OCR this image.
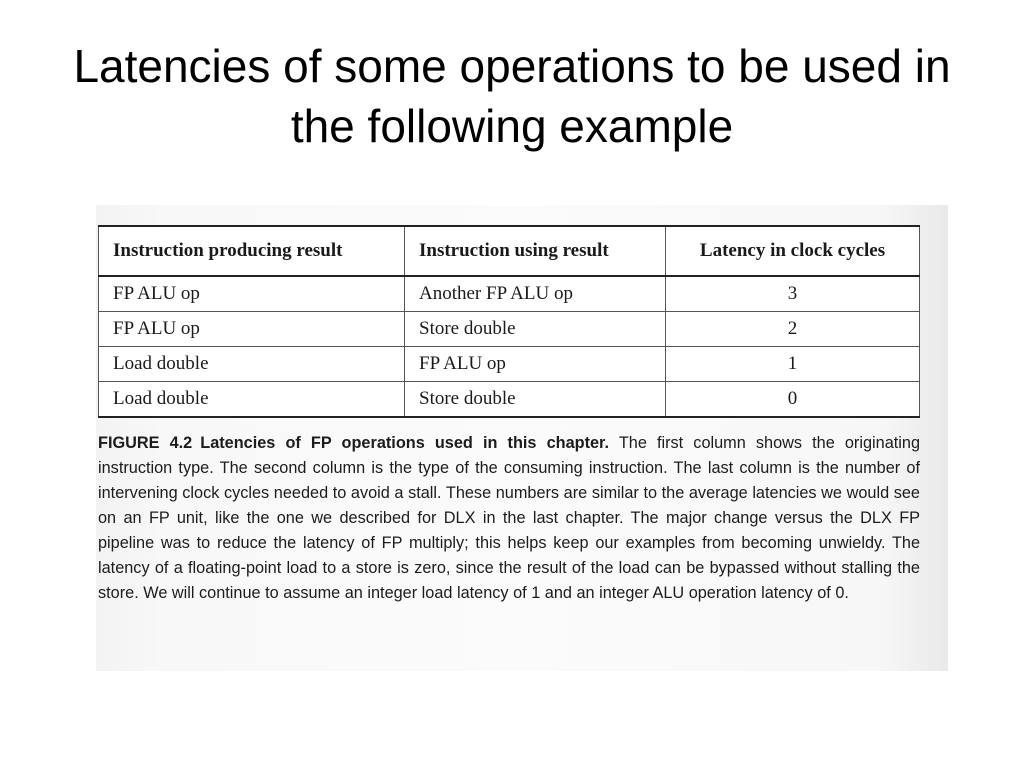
Latencies of some operations to be used in the following example
Instruction producing result	Instruction using result	Latency in clock cycles
FP ALU op	Another FP ALU op	3
FP ALU op	Store double	2
Load double	FP ALU op	1
Load double	Store double	0

FIGURE 4.2 Latencies of FP operations used in this chapter. The first column shows the originating instruction type. The second column is the type of the consuming instruction. The last column is the number of intervening clock cycles needed to avoid a stall. These numbers are similar to the average latencies we would see on an FP unit, like the one we described for DLX in the last chapter. The major change versus the DLX FP pipeline was to reduce the latency of FP multiply; this helps keep our examples from becoming unwieldy. The latency of a floating-point load to a store is zero, since the result of the load can be bypassed without stalling the store. We will continue to assume an integer load latency of 1 and an integer ALU operation latency of 0.
